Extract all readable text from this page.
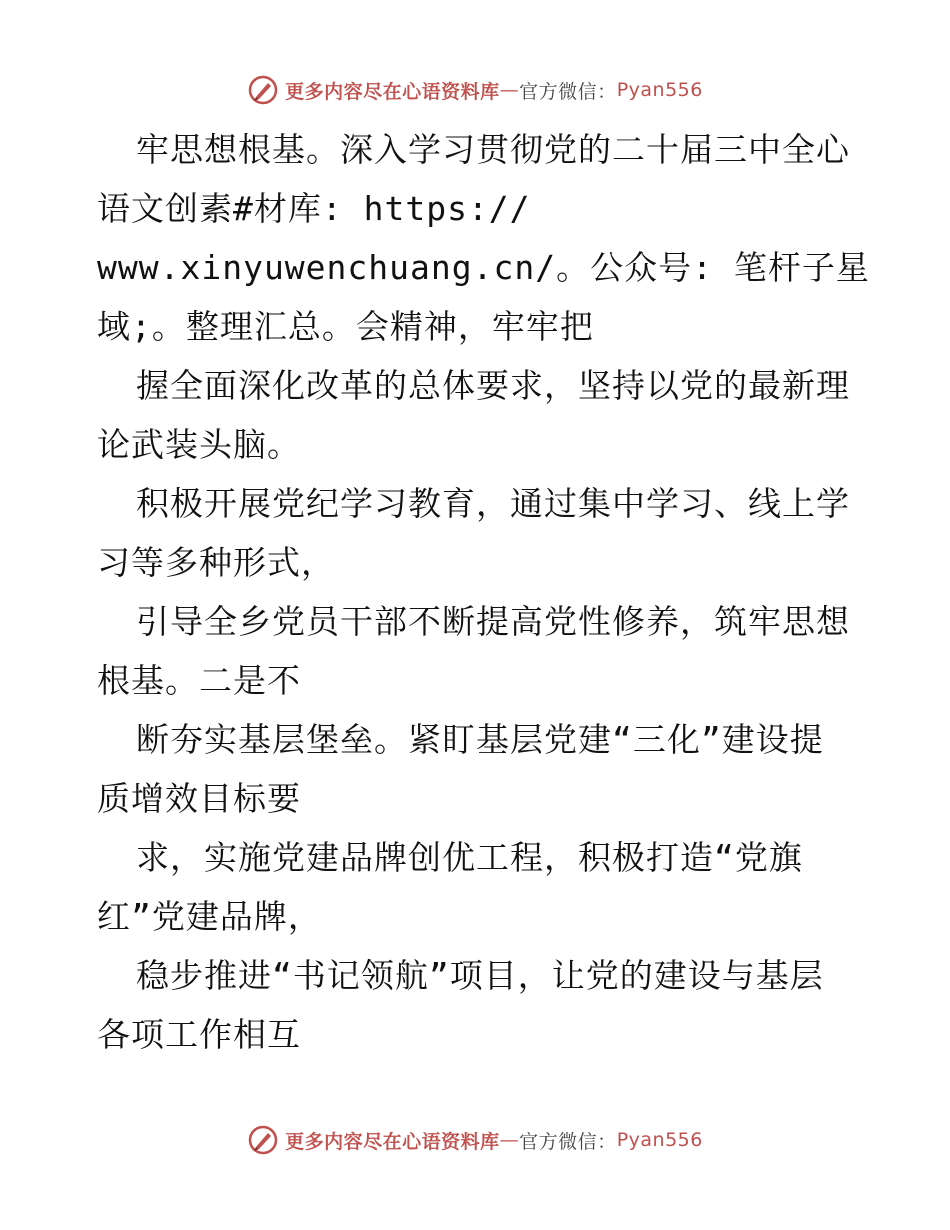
更多内容尽在心语资料库 — 官方微信： Pyan556
牢思想根基。深入学习贯彻党的二十届三中全心
语文创素#材库: https://
www.xinyuwenchuang.cn/。公众号: 笔杆子星
域;。整理汇总。会精神，牢牢把
握全面深化改革的总体要求，坚持以党的最新理
论武装头脑。
积极开展党纪学习教育，通过集中学习、线上学
习等多种形式，
引导全乡党员干部不断提高党性修养，筑牢思想
根基。二是不
断夯实基层堡垒。紧盯基层党建“三化”建设提
质增效目标要
求，实施党建品牌创优工程，积极打造“党旗
红”党建品牌，
稳步推进“书记领航”项目，让党的建设与基层
各项工作相互
更多内容尽在心语资料库 — 官方微信： Pyan556
